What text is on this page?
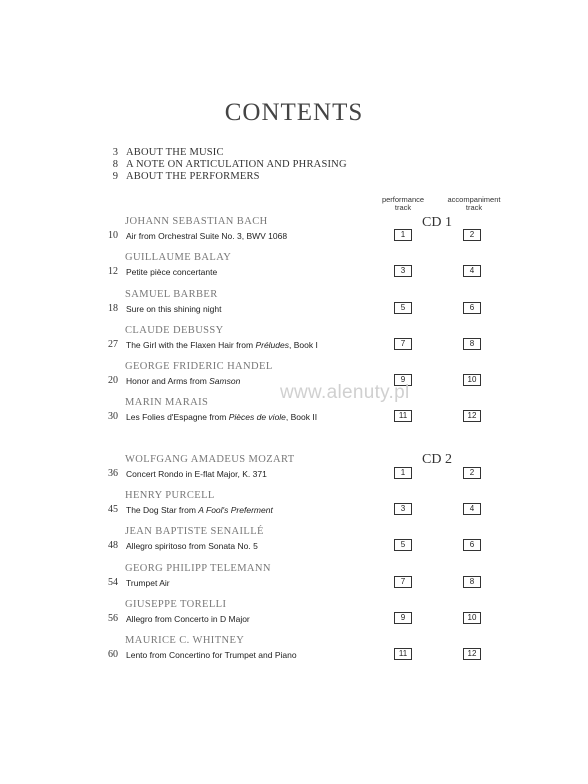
CONTENTS
3 ABOUT THE MUSIC
8 A NOTE ON ARTICULATION AND PHRASING
9 ABOUT THE PERFORMERS
performance
track
accompaniment
track
CD 1
CD 2
JOHANN SEBASTIAN BACH
10 Air from Orchestral Suite No. 3, BWV 1068	1	2
GUILLAUME BALAY
12 Petite pièce concertante	3	4
SAMUEL BARBER
18 Sure on this shining night	5	6
CLAUDE DEBUSSY
27 The Girl with the Flaxen Hair from Préludes, Book I	7	8
GEORGE FRIDERIC HANDEL
20 Honor and Arms from Samson	9	10
MARIN MARAIS
30 Les Folies d'Espagne from Pièces de viole, Book II	11	12
WOLFGANG AMADEUS MOZART
36 Concert Rondo in E-flat Major, K. 371	1	2
HENRY PURCELL
45 The Dog Star from A Fool's Preferment	3	4
JEAN BAPTISTE SENAILLÉ
48 Allegro spiritoso from Sonata No. 5	5	6
GEORG PHILIPP TELEMANN
54 Trumpet Air	7	8
GIUSEPPE TORELLI
56 Allegro from Concerto in D Major	9	10
MAURICE C. WHITNEY
60 Lento from Concertino for Trumpet and Piano	11	12
www.alenuty.pl
